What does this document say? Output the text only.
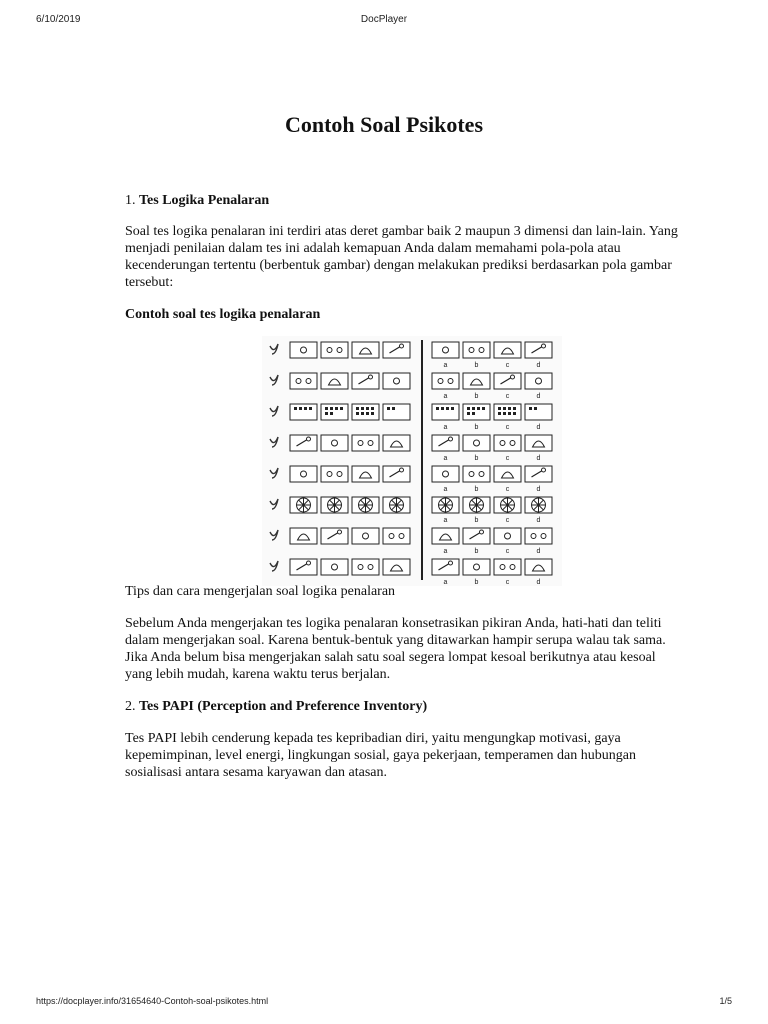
6/10/2019	DocPlayer
Contoh Soal Psikotes
1. Tes Logika Penalaran

Soal tes logika penalaran ini terdiri atas deret gambar baik 2 maupun 3 dimensi dan lain-lain. Yang menjadi penilaian dalam tes ini adalah kemapuan Anda dalam memahami pola-pola atau kecenderungan tertentu (berbentuk gambar) dengan melakukan prediksi berdasarkan pola gambar tersebut:

Contoh soal tes logika penalaran

a	b	c	d
a	b	c	d
a	b	c	d
a	b	c	d
a	b	c	d
a	b	c	d
a	b	c	d
a	b	c	d

Tips dan cara mengerjalan soal logika penalaran

Sebelum Anda mengerjakan tes logika penalaran konsetrasikan pikiran Anda, hati-hati dan teliti dalam mengerjakan soal. Karena bentuk-bentuk yang ditawarkan hampir serupa walau tak sama. Jika Anda belum bisa mengerjakan salah satu soal segera lompat kesoal berikutnya atau kesoal yang lebih mudah, karena waktu terus berjalan.

2. Tes PAPI (Perception and Preference Inventory)

Tes PAPI lebih cenderung kepada tes kepribadian diri, yaitu mengungkap motivasi, gaya kepemimpinan, level energi, lingkungan sosial, gaya pekerjaan, temperamen dan hubungan sosialisasi antara sesama karyawan dan atasan.

https://docplayer.info/31654640-Contoh-soal-psikotes.html	1/5
